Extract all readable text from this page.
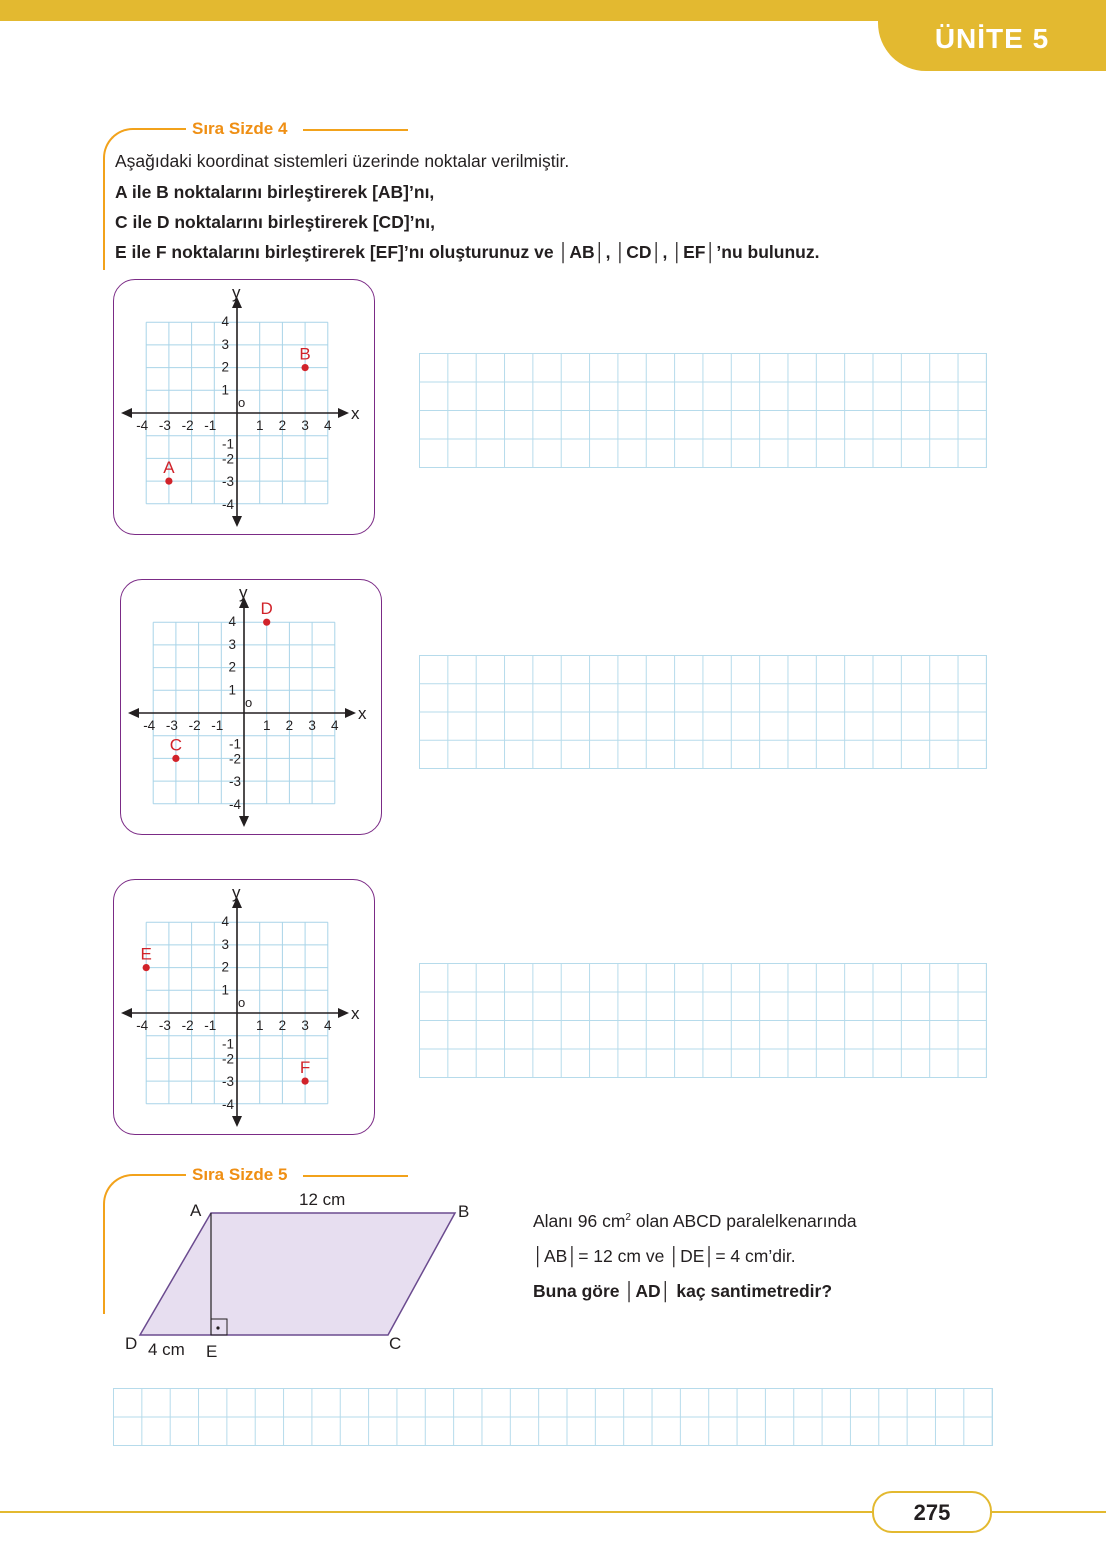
ÜNİTE 5
Sıra Sizde 4
Aşağıdaki koordinat sistemleri üzerinde noktalar verilmiştir.
A ile B noktalarını birleştirerek [AB]’nı,
C ile D noktalarını birleştirerek [CD]’nı,
E ile F noktalarını birleştirerek [EF]’nı oluşturunuz ve │AB│, │CD│, │EF│’nu bulunuz.
x
y
o
-4 -3 -2 -1	1 2 3 4
4
3
2
1
-1
-2
-3
-4
A
B
x
y
o
-4 -3 -2 -1	1 2 3 4
4
3
2
1
-1
-2
-3
-4
C
D
x
y
o
-4 -3 -2 -1	1 2 3 4
4
3
2
1
-1
-2
-3
-4
E
F
Sıra Sizde 5
A	B
C
D	E
12 cm
4 cm
Alanı 96 $cm^2$ olan ABCD paralelkenarında
│AB│= 12 cm ve │DE│= 4 cm’dir.
Buna göre │AD│ kaç santimetredir?
275
